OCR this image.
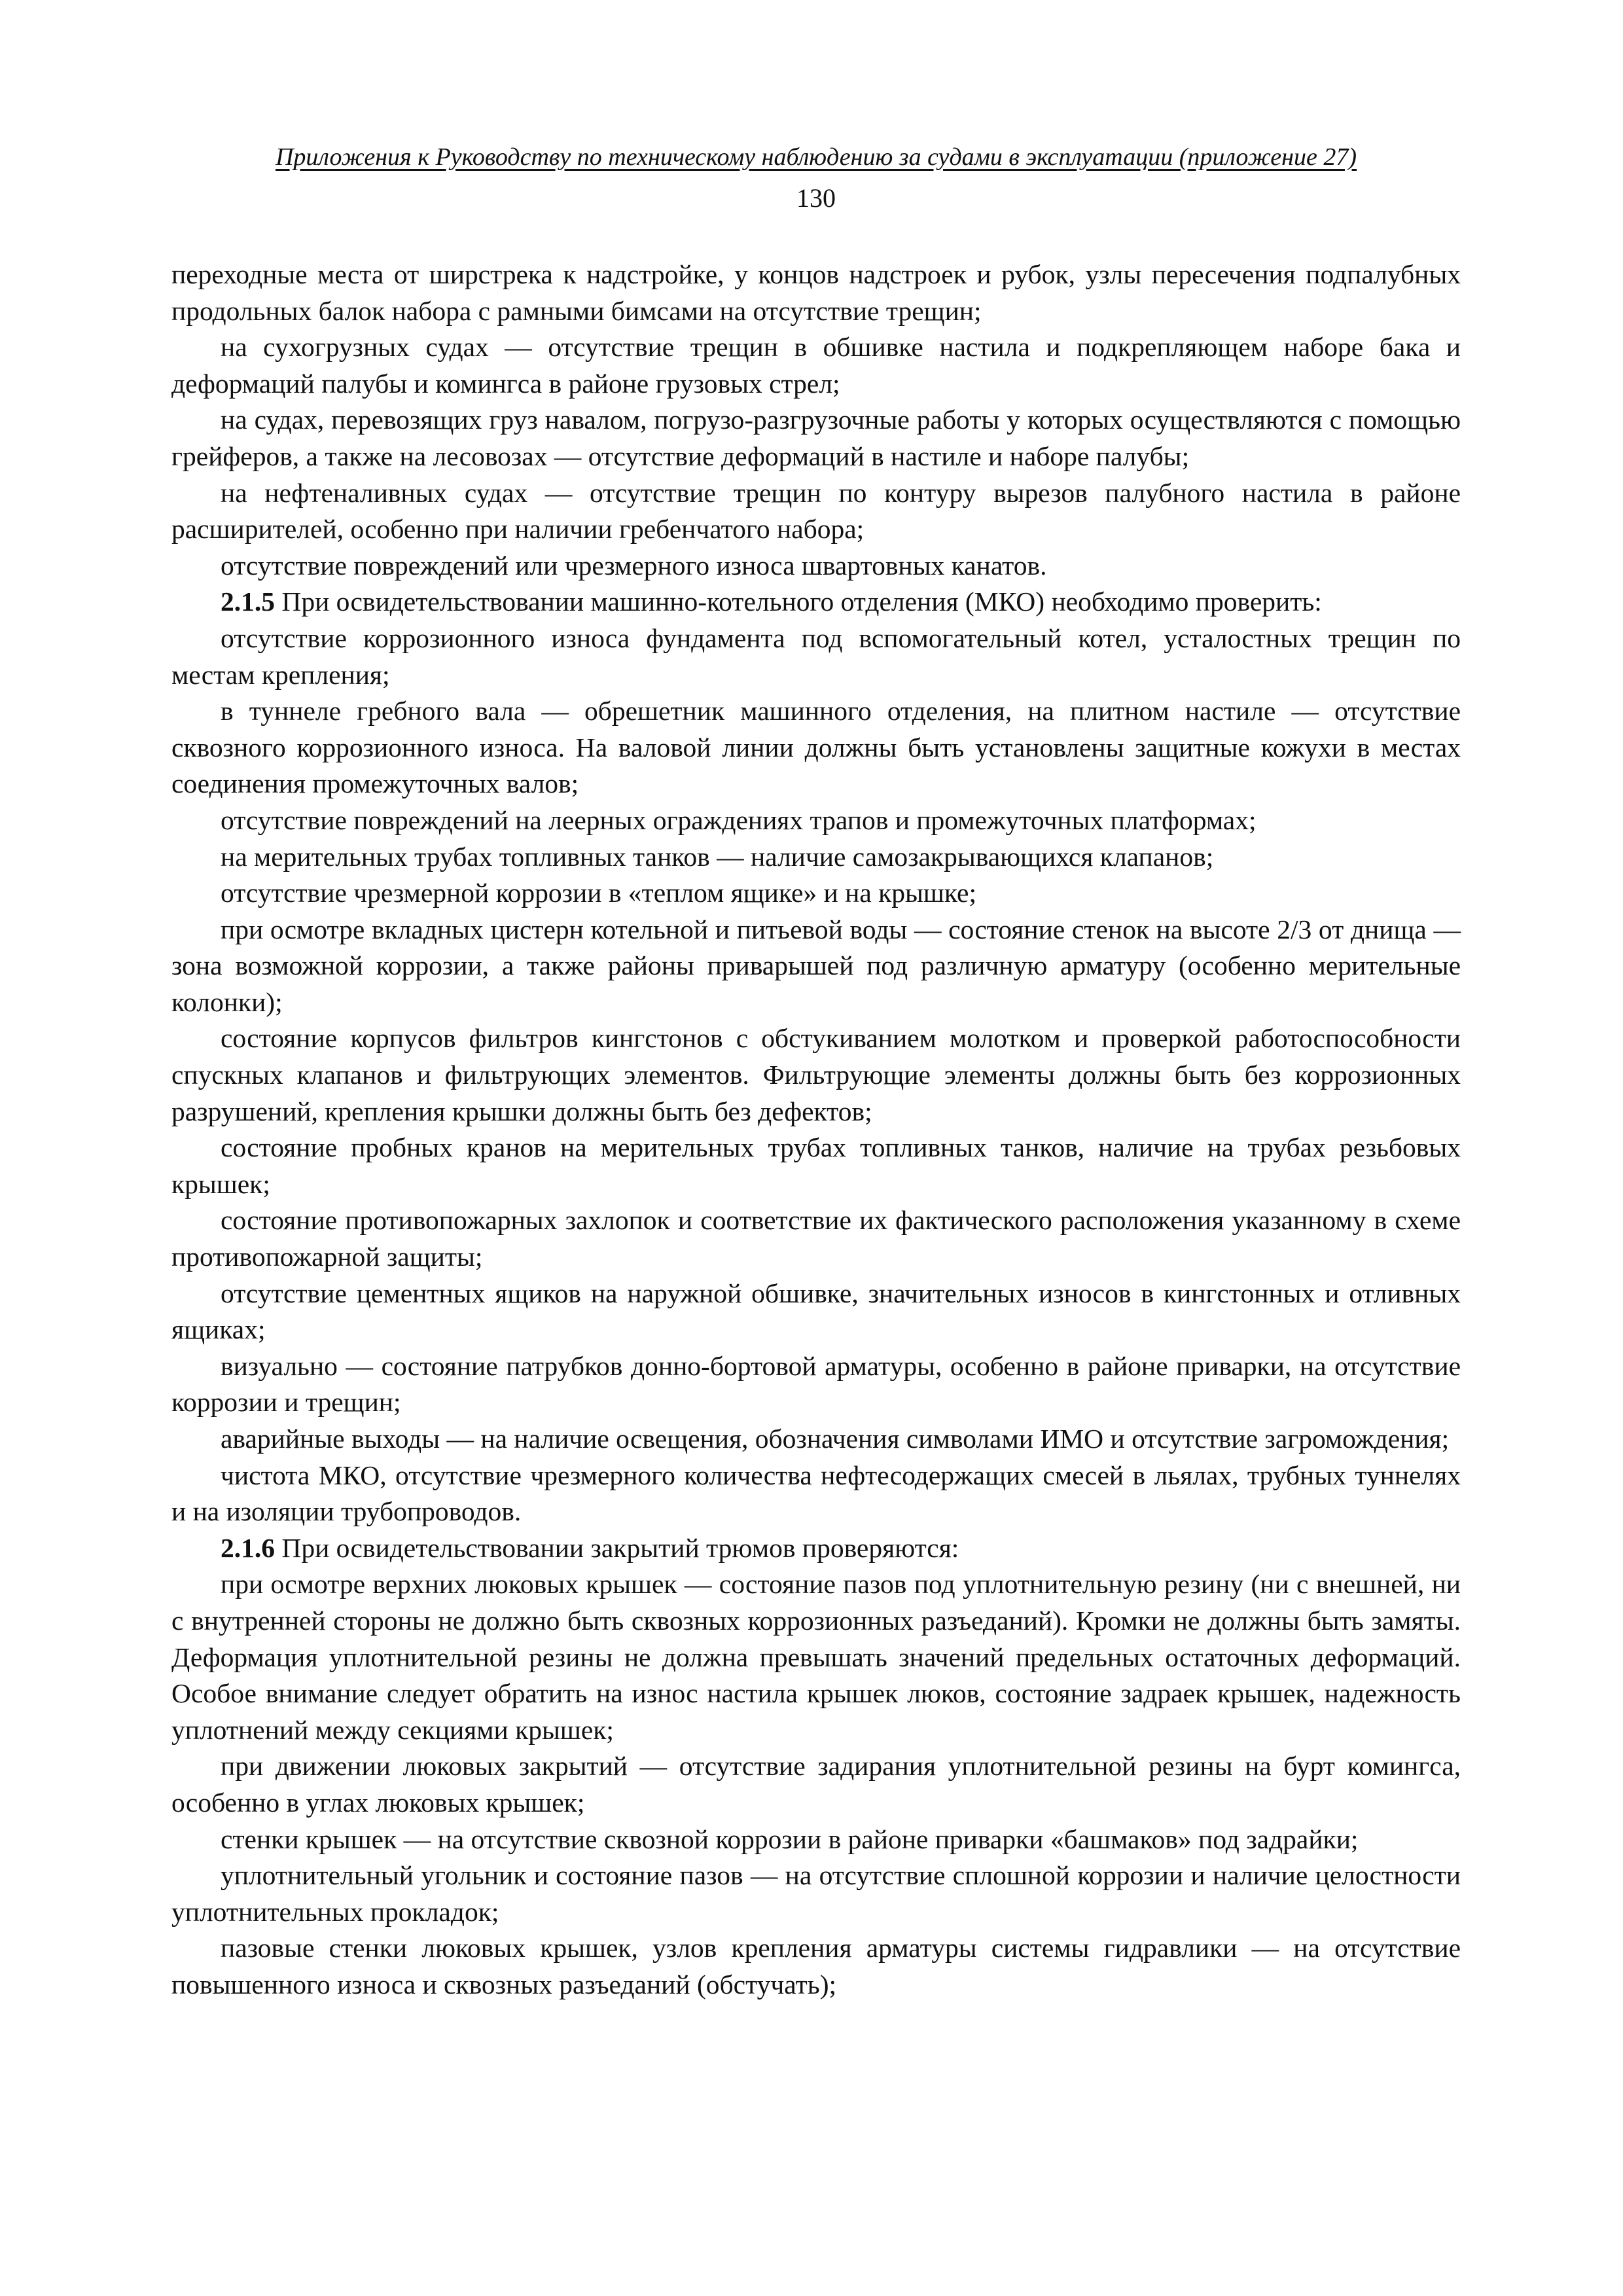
Приложения к Руководству по техническому наблюдению за судами в эксплуатации (приложение 27)
130

переходные места от ширстрека к надстройке, у концов надстроек и рубок, узлы пересечения подпалубных продольных балок набора с рамными бимсами на отсутствие трещин;

на сухогрузных судах — отсутствие трещин в обшивке настила и подкрепляющем наборе бака и деформаций палубы и комингса в районе грузовых стрел;

на судах, перевозящих груз навалом, погрузо-разгрузочные работы у которых осуществляются с помощью грейферов, а также на лесовозах — отсутствие деформаций в настиле и наборе палубы;

на нефтеналивных судах — отсутствие трещин по контуру вырезов палубного настила в районе расширителей, особенно при наличии гребенчатого набора;

отсутствие повреждений или чрезмерного износа швартовных канатов.

2.1.5 При освидетельствовании машинно-котельного отделения (МКО) необходимо проверить:

отсутствие коррозионного износа фундамента под вспомогательный котел, усталостных трещин по местам крепления;

в туннеле гребного вала — обрешетник машинного отделения, на плитном настиле — отсутствие сквозного коррозионного износа. На валовой линии должны быть установлены защитные кожухи в местах соединения промежуточных валов;

отсутствие повреждений на леерных ограждениях трапов и промежуточных платформах;

на мерительных трубах топливных танков — наличие самозакрывающихся клапанов;

отсутствие чрезмерной коррозии в «теплом ящике» и на крышке;

при осмотре вкладных цистерн котельной и питьевой воды — состояние стенок на высоте 2/3 от днища — зона возможной коррозии, а также районы приварышей под различную арматуру (особенно мерительные колонки);

состояние корпусов фильтров кингстонов с обстукиванием молотком и проверкой работоспособности спускных клапанов и фильтрующих элементов. Фильтрующие элементы должны быть без коррозионных разрушений, крепления крышки должны быть без дефектов;

состояние пробных кранов на мерительных трубах топливных танков, наличие на трубах резьбовых крышек;

состояние противопожарных захлопок и соответствие их фактического расположения указанному в схеме противопожарной защиты;

отсутствие цементных ящиков на наружной обшивке, значительных износов в кингстонных и отливных ящиках;

визуально — состояние патрубков донно-бортовой арматуры, особенно в районе приварки, на отсутствие коррозии и трещин;

аварийные выходы — на наличие освещения, обозначения символами ИМО и отсутствие загромождения;

чистота МКО, отсутствие чрезмерного количества нефтесодержащих смесей в льялах, трубных туннелях и на изоляции трубопроводов.

2.1.6 При освидетельствовании закрытий трюмов проверяются:

при осмотре верхних люковых крышек — состояние пазов под уплотнительную резину (ни с внешней, ни с внутренней стороны не должно быть сквозных коррозионных разъеданий). Кромки не должны быть замяты. Деформация уплотнительной резины не должна превышать значений предельных остаточных деформаций. Особое внимание следует обратить на износ настила крышек люков, состояние задраек крышек, надежность уплотнений между секциями крышек;

при движении люковых закрытий — отсутствие задирания уплотнительной резины на бурт комингса, особенно в углах люковых крышек;

стенки крышек — на отсутствие сквозной коррозии в районе приварки «башмаков» под задрайки;

уплотнительный угольник и состояние пазов — на отсутствие сплошной коррозии и наличие целостности уплотнительных прокладок;

пазовые стенки люковых крышек, узлов крепления арматуры системы гидравлики — на отсутствие повышенного износа и сквозных разъеданий (обстучать);
